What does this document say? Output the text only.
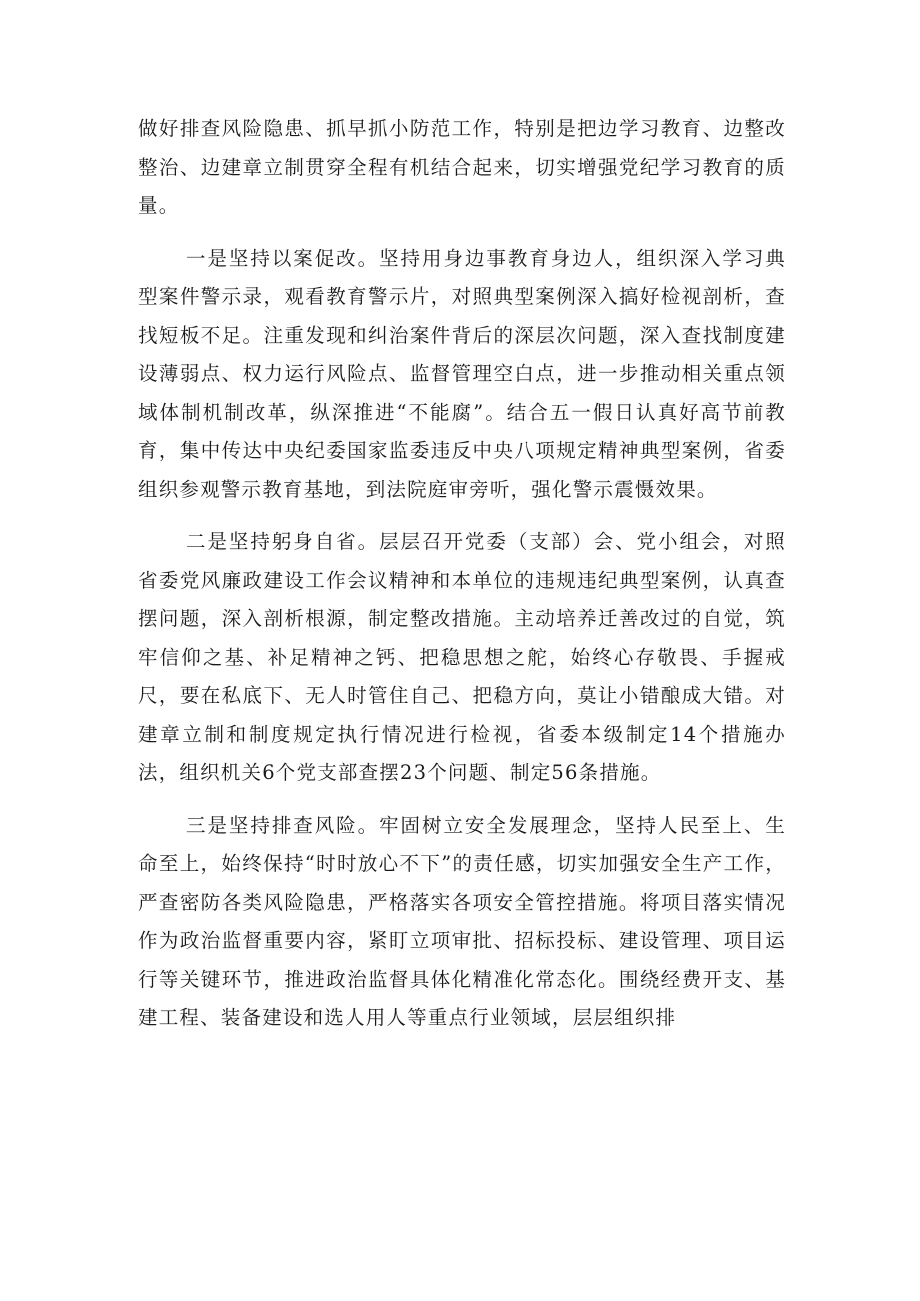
做好排查风险隐患、抓早抓小防范工作，特别是把边学习教育、边整改整治、边建章立制贯穿全程有机结合起来，切实增强党纪学习教育的质量。

一是坚持以案促改。坚持用身边事教育身边人，组织深入学习典型案件警示录，观看教育警示片，对照典型案例深入搞好检视剖析，查找短板不足。注重发现和纠治案件背后的深层次问题，深入查找制度建设薄弱点、权力运行风险点、监督管理空白点，进一步推动相关重点领域体制机制改革，纵深推进“不能腐”。结合五一假日认真好高节前教育，集中传达中央纪委国家监委违反中央八项规定精神典型案例，省委组织参观警示教育基地，到法院庭审旁听，强化警示震慑效果。

二是坚持躬身自省。层层召开党委（支部）会、党小组会，对照省委党风廉政建设工作会议精神和本单位的违规违纪典型案例，认真查摆问题，深入剖析根源，制定整改措施。主动培养迁善改过的自觉，筑牢信仰之基、补足精神之钙、把稳思想之舵，始终心存敬畏、手握戒尺，要在私底下、无人时管住自己、把稳方向，莫让小错酿成大错。对建章立制和制度规定执行情况进行检视，省委本级制定14个措施办法，组织机关6个党支部查摆23个问题、制定56条措施。

三是坚持排查风险。牢固树立安全发展理念，坚持人民至上、生命至上，始终保持“时时放心不下”的责任感，切实加强安全生产工作，严查密防各类风险隐患，严格落实各项安全管控措施。将项目落实情况作为政治监督重要内容，紧盯立项审批、招标投标、建设管理、项目运行等关键环节，推进政治监督具体化精准化常态化。围绕经费开支、基建工程、装备建设和选人用人等重点行业领域，层层组织排
